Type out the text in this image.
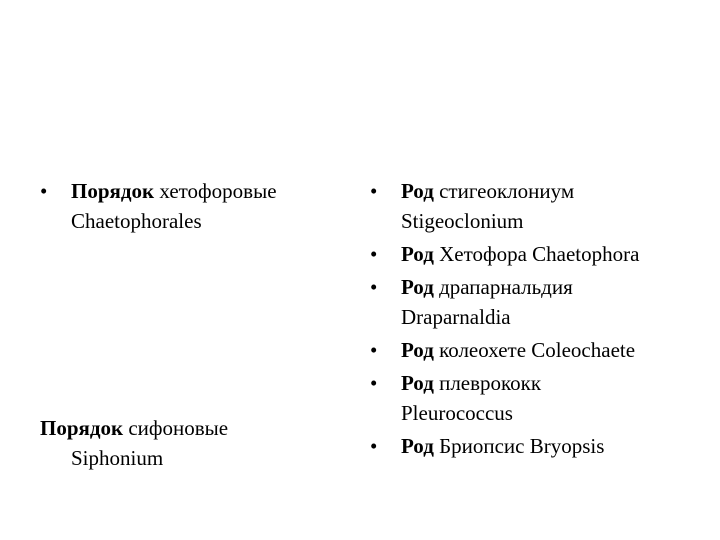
•	Порядок хетофоровые
Chaetophorales
Порядок сифоновые
Siphonium
•	Род стигеоклониум
Stigeoclonium
•	Род Хетофора Chaetophora
•	Род драпарнальдия
Draparnaldia
•	Род колеохете Coleochaete
•	Род плеврококк
Pleurococcus
•	Род Бриопсис Bryopsis
